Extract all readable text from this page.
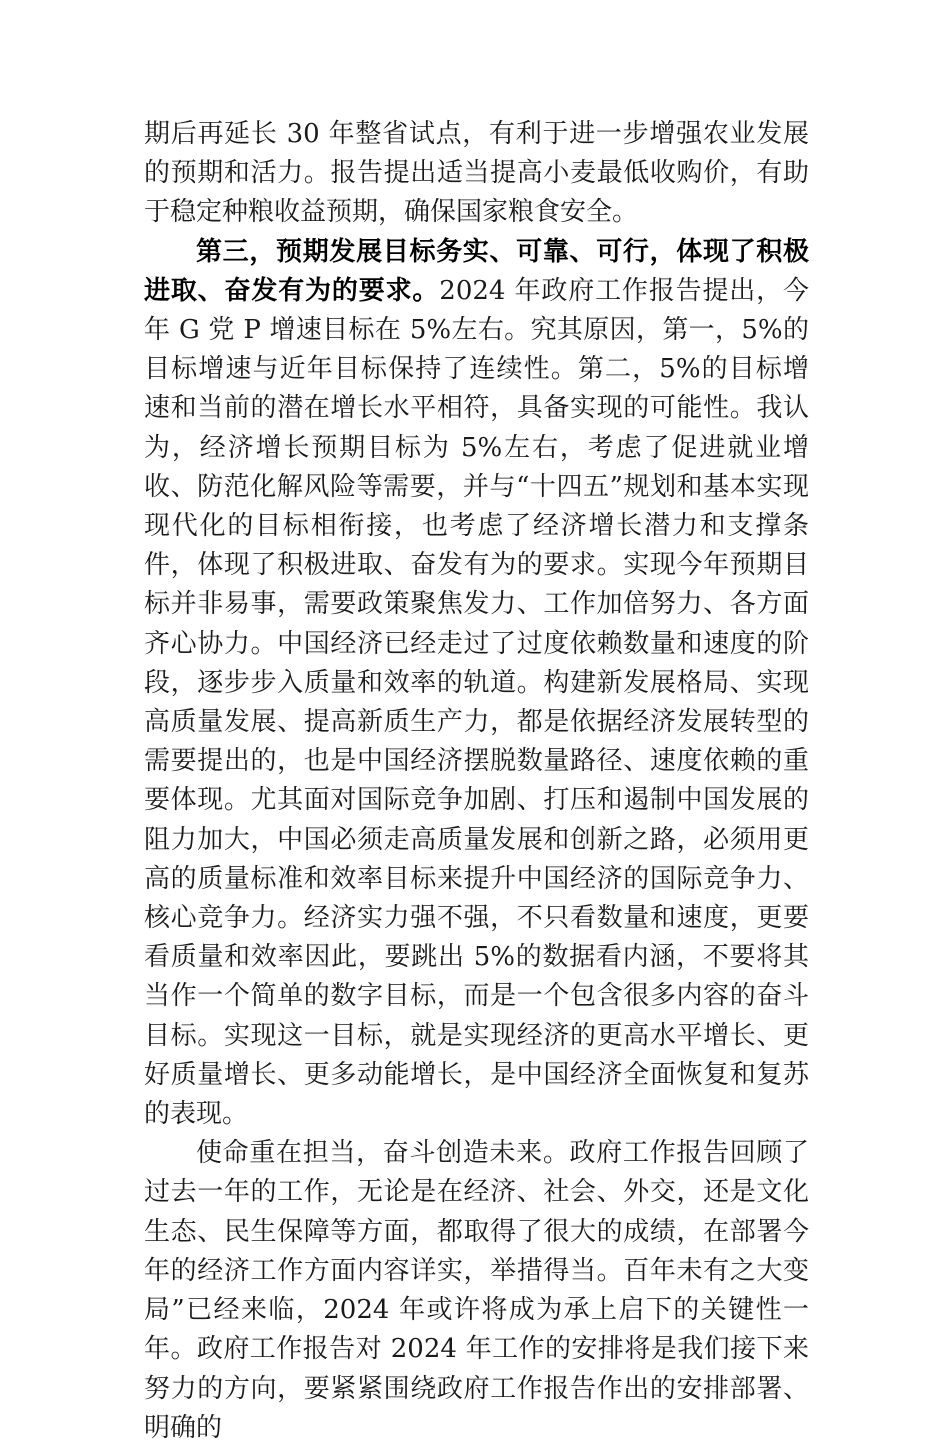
期后再延长 30 年整省试点，有利于进一步增强农业发展的预期和活力。报告提出适当提高小麦最低收购价，有助于稳定种粮收益预期，确保国家粮食安全。

第三，预期发展目标务实、可靠、可行，体现了积极进取、奋发有为的要求。2024 年政府工作报告提出，今年 G 党 P 增速目标在 5%左右。究其原因，第一，5%的目标增速与近年目标保持了连续性。第二，5%的目标增速和当前的潜在增长水平相符，具备实现的可能性。我认为，经济增长预期目标为 5%左右，考虑了促进就业增收、防范化解风险等需要，并与“十四五”规划和基本实现现代化的目标相衔接，也考虑了经济增长潜力和支撑条件，体现了积极进取、奋发有为的要求。实现今年预期目标并非易事，需要政策聚焦发力、工作加倍努力、各方面齐心协力。中国经济已经走过了过度依赖数量和速度的阶段，逐步步入质量和效率的轨道。构建新发展格局、实现高质量发展、提高新质生产力，都是依据经济发展转型的需要提出的，也是中国经济摆脱数量路径、速度依赖的重要体现。尤其面对国际竞争加剧、打压和遏制中国发展的阻力加大，中国必须走高质量发展和创新之路，必须用更高的质量标准和效率目标来提升中国经济的国际竞争力、核心竞争力。经济实力强不强，不只看数量和速度，更要看质量和效率因此，要跳出 5%的数据看内涵，不要将其当作一个简单的数字目标，而是一个包含很多内容的奋斗目标。实现这一目标，就是实现经济的更高水平增长、更好质量增长、更多动能增长，是中国经济全面恢复和复苏的表现。

使命重在担当，奋斗创造未来。政府工作报告回顾了过去一年的工作，无论是在经济、社会、外交，还是文化生态、民生保障等方面，都取得了很大的成绩，在部署今年的经济工作方面内容详实，举措得当。百年未有之大变局”已经来临，2024 年或许将成为承上启下的关键性一年。政府工作报告对 2024 年工作的安排将是我们接下来努力的方向，要紧紧围绕政府工作报告作出的安排部署、明确的
